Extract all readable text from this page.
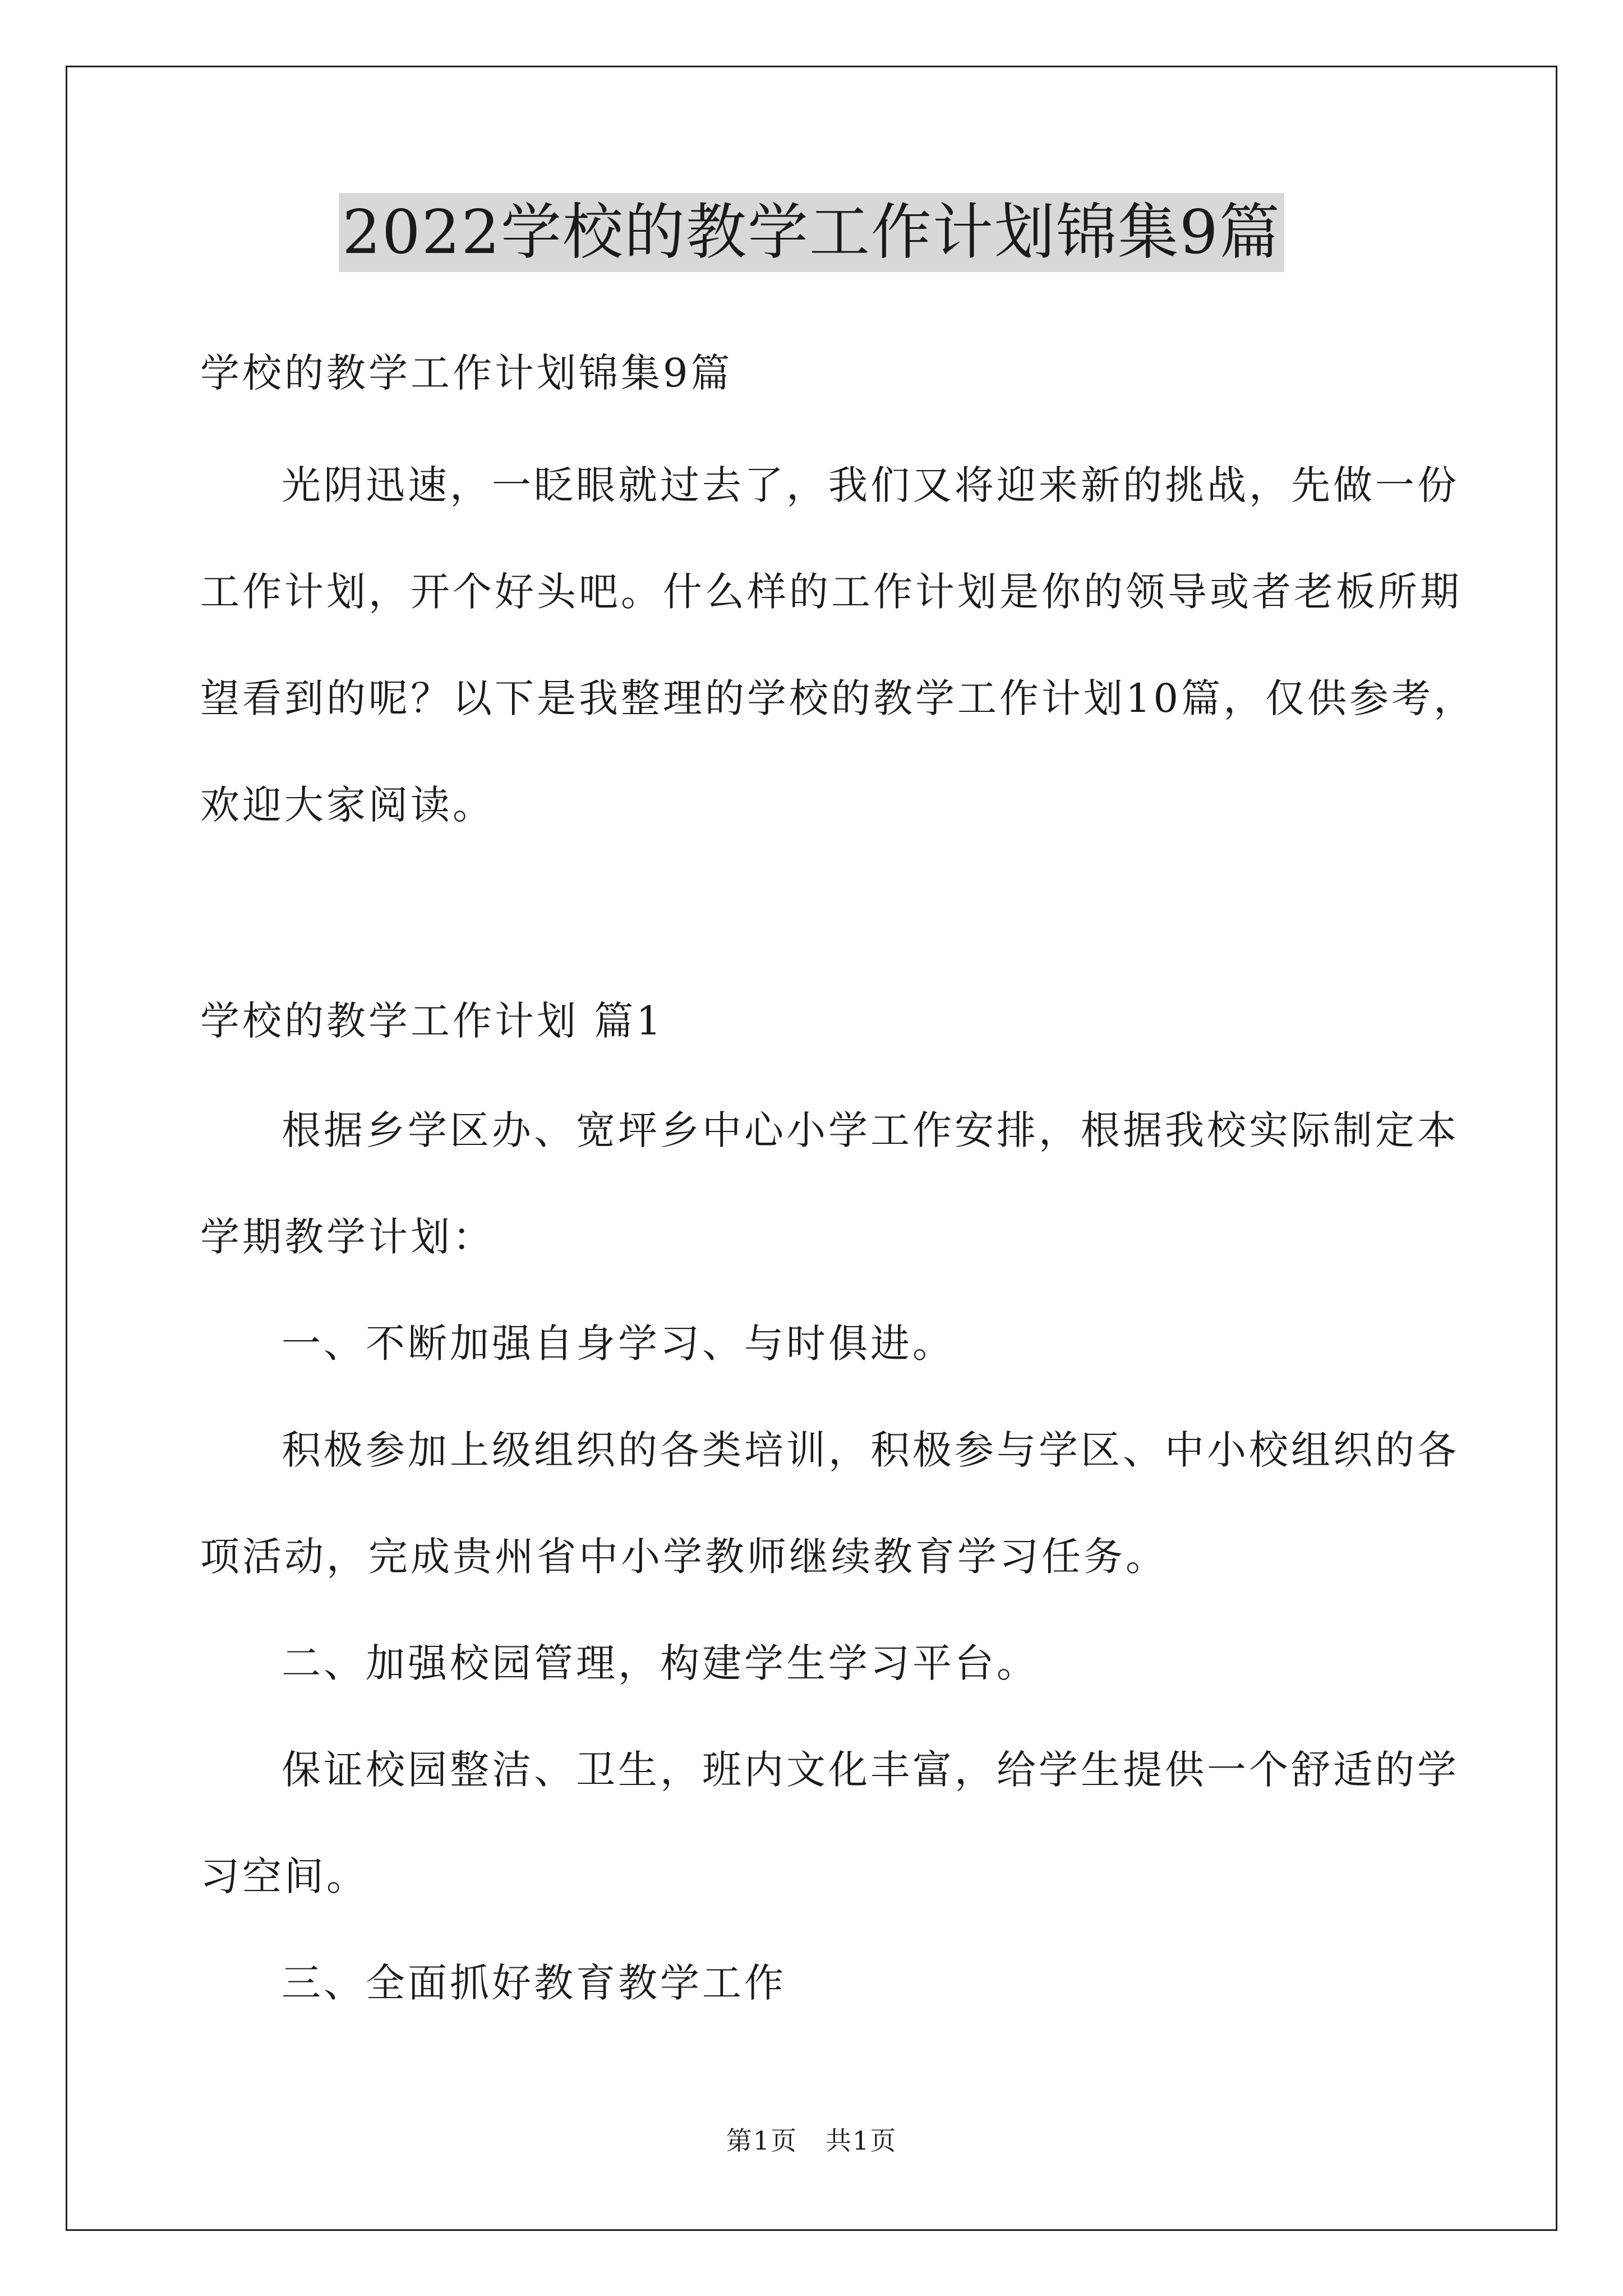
2022学校的教学工作计划锦集9篇
学校的教学工作计划锦集9篇
光阴迅速，一眨眼就过去了，我们又将迎来新的挑战，先做一份
工作计划，开个好头吧。什么样的工作计划是你的领导或者老板所期
望看到的呢？以下是我整理的学校的教学工作计划10篇，仅供参考，
欢迎大家阅读。
学校的教学工作计划 篇1
根据乡学区办、宽坪乡中心小学工作安排，根据我校实际制定本
学期教学计划：
一、不断加强自身学习、与时俱进。
积极参加上级组织的各类培训，积极参与学区、中小校组织的各
项活动，完成贵州省中小学教师继续教育学习任务。
二、加强校园管理，构建学生学习平台。
保证校园整洁、卫生，班内文化丰富，给学生提供一个舒适的学
习空间。
三、全面抓好教育教学工作
第1页 共1页
